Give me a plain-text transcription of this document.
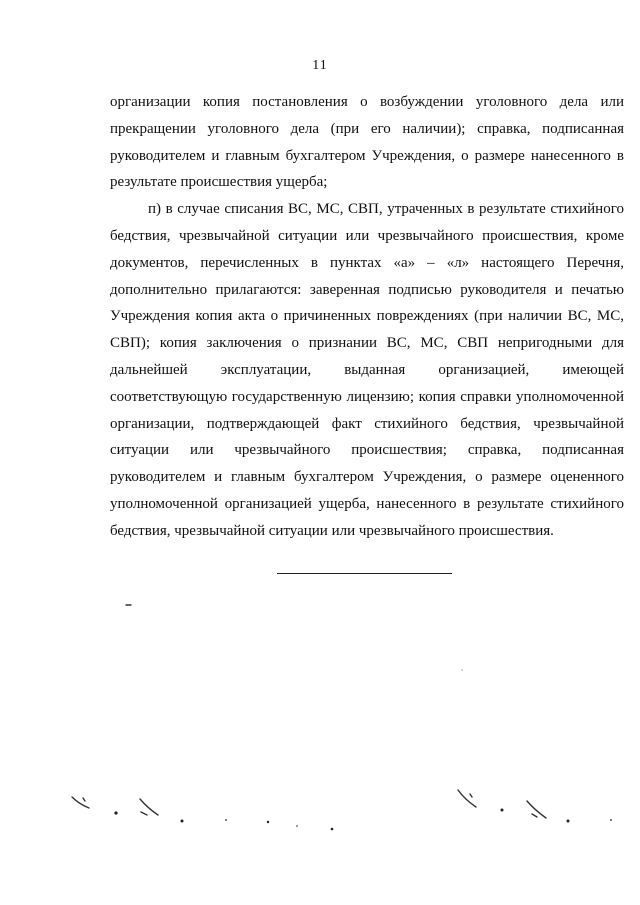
11

организации копия постановления о возбуждении уголовного дела или прекращении уголовного дела (при его наличии); справка, подписанная руководителем и главным бухгалтером Учреждения, о размере нанесенного в результате происшествия ущерба;

п) в случае списания ВС, МС, СВП, утраченных в результате стихийного бедствия, чрезвычайной ситуации или чрезвычайного происшествия, кроме документов, перечисленных в пунктах «а» – «л» настоящего Перечня, дополнительно прилагаются: заверенная подписью руководителя и печатью Учреждения копия акта о причиненных повреждениях (при наличии ВС, МС, СВП); копия заключения о признании ВС, МС, СВП непригодными для дальнейшей эксплуатации, выданная организацией, имеющей соответствующую государственную лицензию; копия справки уполномоченной организации, подтверждающей факт стихийного бедствия, чрезвычайной ситуации или чрезвычайного происшествия; справка, подписанная руководителем и главным бухгалтером Учреждения, о размере оцененного уполномоченной организацией ущерба, нанесенного в результате стихийного бедствия, чрезвычайной ситуации или чрезвычайного происшествия.
